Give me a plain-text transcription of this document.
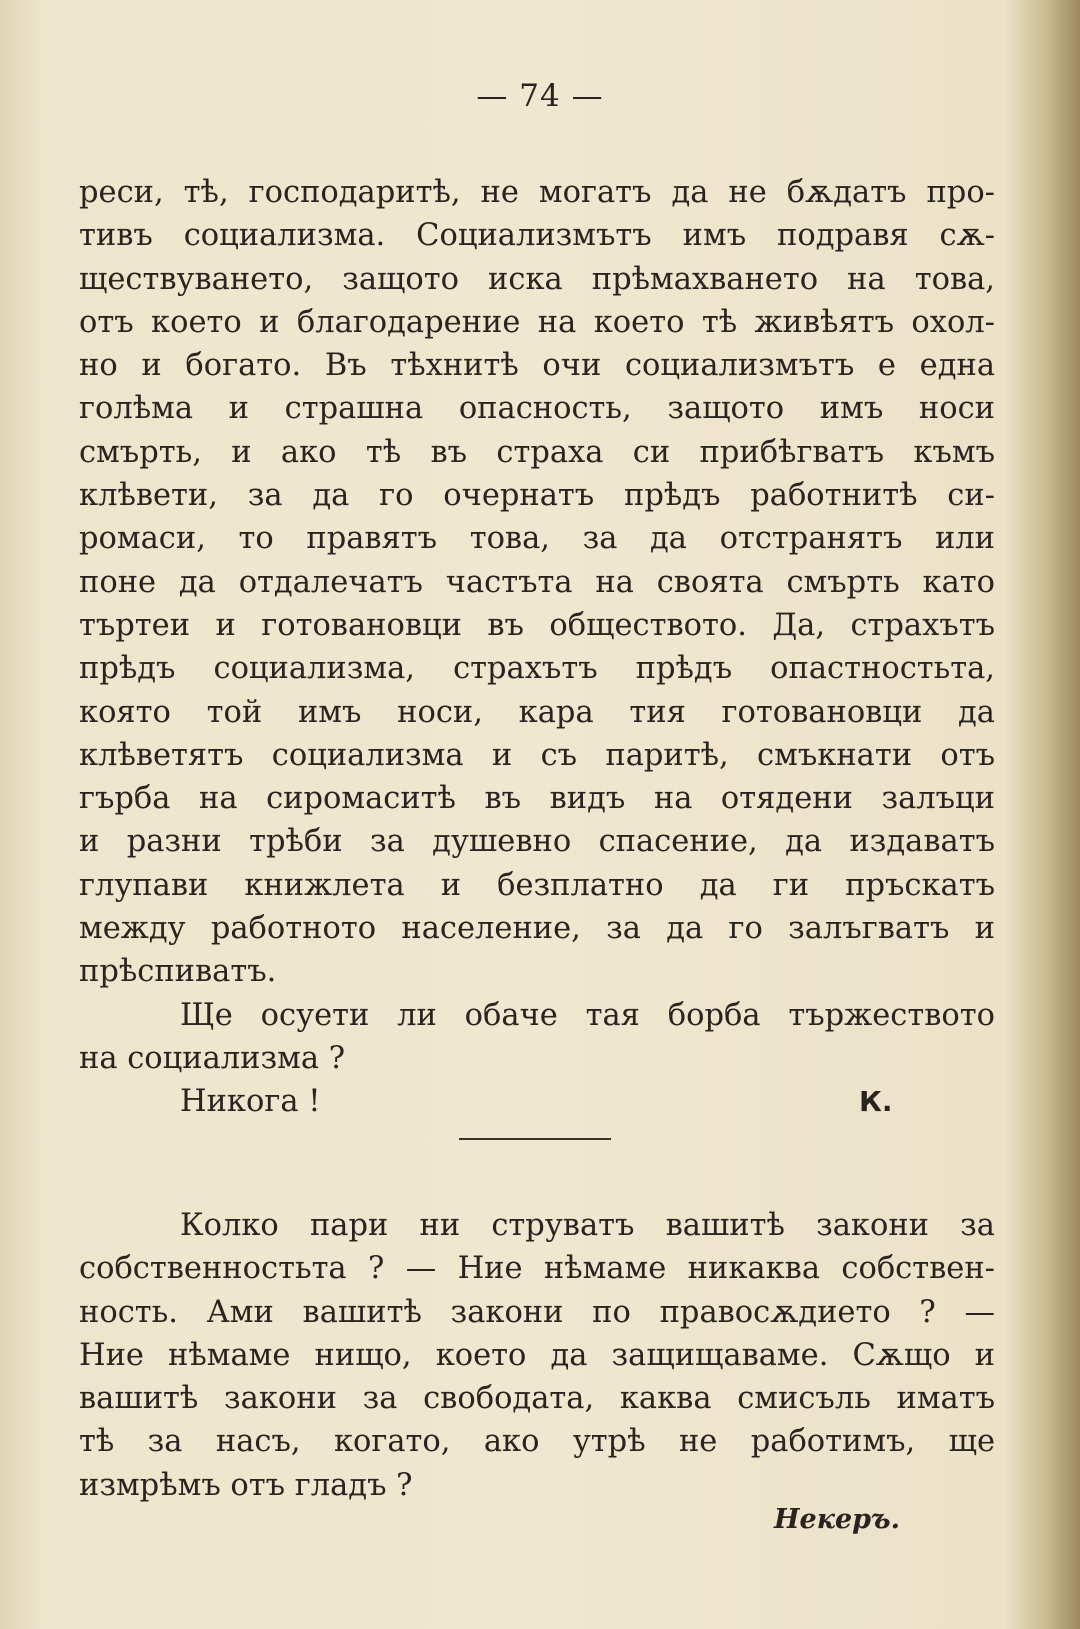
— 74 —
реси, тѣ, господаритѣ, не могатъ да не бѫдатъ про-
тивъ социализма. Социализмътъ имъ подравя сѫ-
ществуването, защото иска прѣмахването на това,
отъ което и благодарение на което тѣ живѣятъ охол-
но и богато. Въ тѣхнитѣ очи социализмътъ е една
голѣма и страшна опасность, защото имъ носи
смърть, и ако тѣ въ страха си прибѣгватъ къмъ
клѣвети, за да го очернатъ прѣдъ работнитѣ си-
ромаси, то правятъ това, за да отстранятъ или
поне да отдалечатъ частъта на своята смърть като
търтеи и готовановци въ обществото. Да, страхътъ
прѣдъ социализма, страхътъ прѣдъ опастностьта,
която той имъ носи, кара тия готовановци да
клѣветятъ социализма и съ паритѣ, смъкнати отъ
гърба на сиромаситѣ въ видъ на отядени залъци
и разни трѣби за душевно спасение, да издаватъ
глупави книжлета и безплатно да ги пръскатъ
между работното население, за да го залъгватъ и
прѣспиватъ.
Ще осуети ли обаче тая борба тържеството
на социализма ?
Никога !	К.
Колко пари ни струватъ вашитѣ закони за
собственностьта ? — Ние нѣмаме никаква собствен-
ность. Ами вашитѣ закони по правосѫдието ? —
Ние нѣмаме нищо, което да защищаваме. Сѫщо и
вашитѣ закони за свободата, каква смисъль иматъ
тѣ за насъ, когато, ако утрѣ не работимъ, ще
измрѣмъ отъ гладъ ?
Некеръ.
